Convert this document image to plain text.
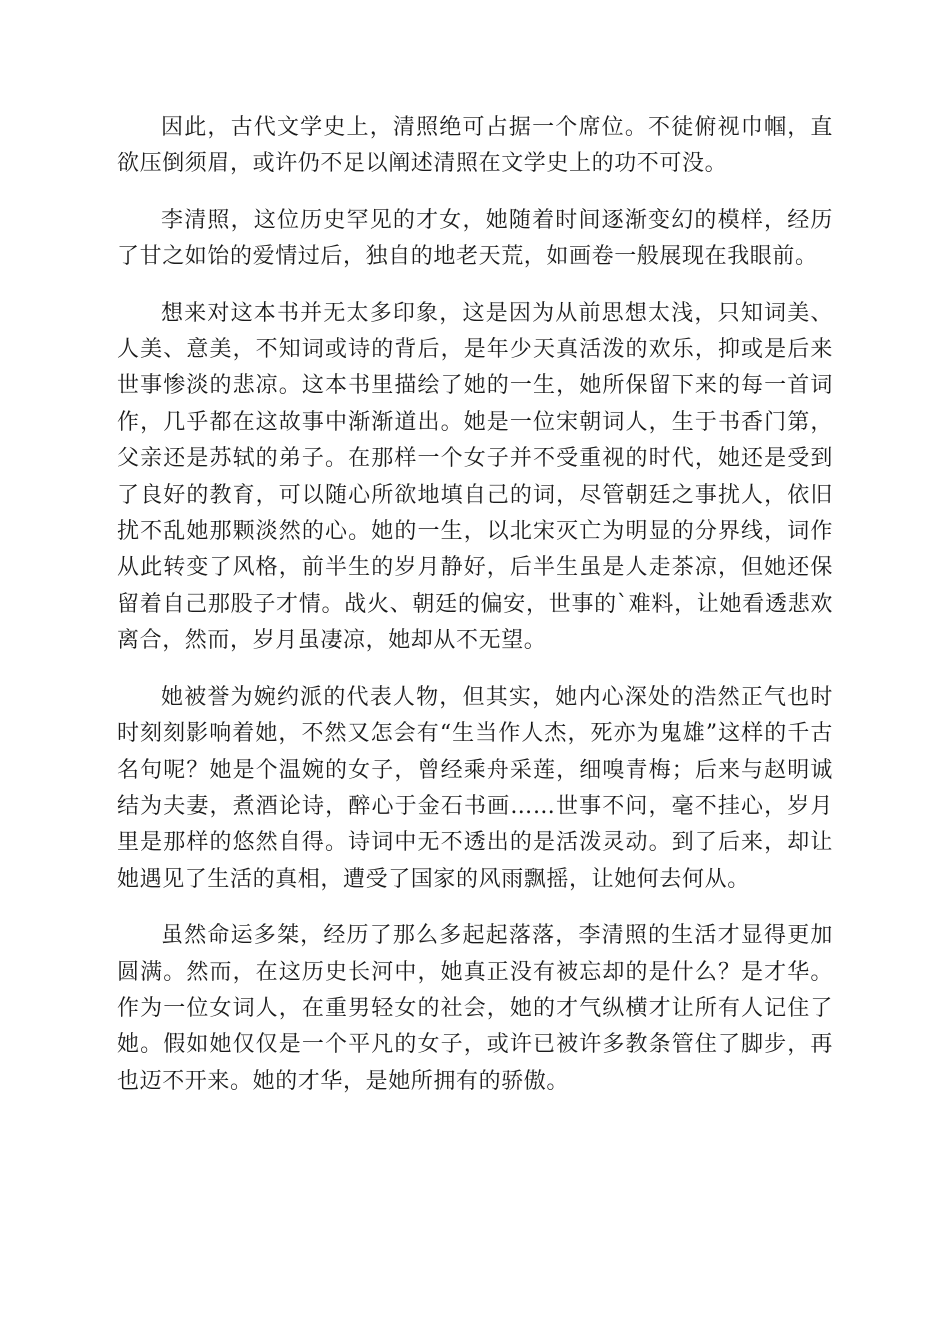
因此，古代文学史上，清照绝可占据一个席位。不徒俯视巾帼，直欲压倒须眉，或许仍不足以阐述清照在文学史上的功不可没。

李清照，这位历史罕见的才女，她随着时间逐渐变幻的模样，经历了甘之如饴的爱情过后，独自的地老天荒，如画卷一般展现在我眼前。

想来对这本书并无太多印象，这是因为从前思想太浅，只知词美、人美、意美，不知词或诗的背后，是年少天真活泼的欢乐，抑或是后来世事惨淡的悲凉。这本书里描绘了她的一生，她所保留下来的每一首词作，几乎都在这故事中渐渐道出。她是一位宋朝词人，生于书香门第，父亲还是苏轼的弟子。在那样一个女子并不受重视的时代，她还是受到了良好的教育，可以随心所欲地填自己的词，尽管朝廷之事扰人，依旧扰不乱她那颗淡然的心。她的一生，以北宋灭亡为明显的分界线，词作从此转变了风格，前半生的岁月静好，后半生虽是人走茶凉，但她还保留着自己那股子才情。战火、朝廷的偏安，世事的`难料，让她看透悲欢离合，然而，岁月虽凄凉，她却从不无望。

她被誉为婉约派的代表人物，但其实，她内心深处的浩然正气也时时刻刻影响着她，不然又怎会有“生当作人杰，死亦为鬼雄”这样的千古名句呢？她是个温婉的女子，曾经乘舟采莲，细嗅青梅；后来与赵明诚结为夫妻，煮酒论诗，醉心于金石书画……世事不问，毫不挂心，岁月里是那样的悠然自得。诗词中无不透出的是活泼灵动。到了后来，却让她遇见了生活的真相，遭受了国家的风雨飘摇，让她何去何从。

虽然命运多桀，经历了那么多起起落落，李清照的生活才显得更加圆满。然而，在这历史长河中，她真正没有被忘却的是什么？是才华。作为一位女词人，在重男轻女的社会，她的才气纵横才让所有人记住了她。假如她仅仅是一个平凡的女子，或许已被许多教条管住了脚步，再也迈不开来。她的才华，是她所拥有的骄傲。
